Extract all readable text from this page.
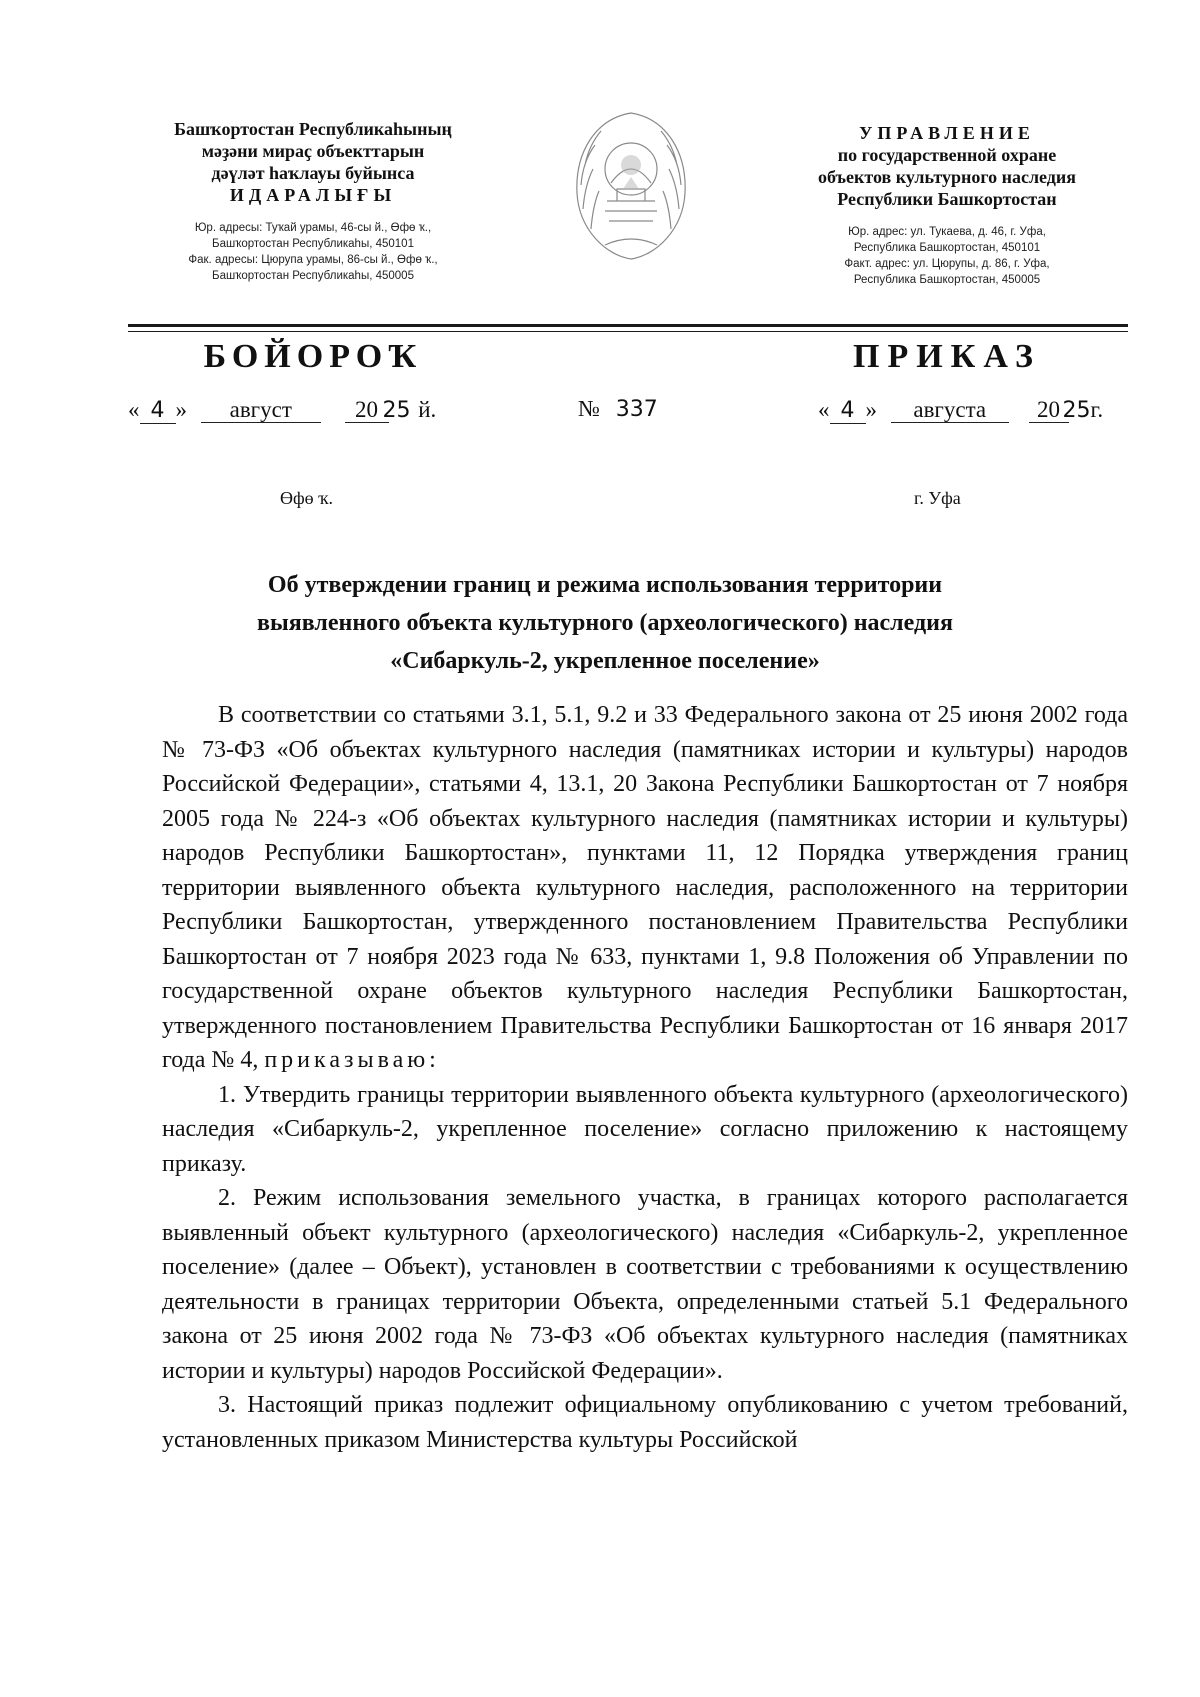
Башҡортостан Республикаһының
мәҙәни мираҫ объекттарын
дәүләт һаҡлауы буйынса
ИДАРАЛЫҒЫ
Юр. адресы: Туҡай урамы, 46-сы й., Өфө ҡ.,
Башҡортостан Республикаһы, 450101
Фак. адресы: Цюрупа урамы, 86-сы й., Өфө ҡ.,
Башҡортостан Республикаһы, 450005
УПРАВЛЕНИЕ
по государственной охране
объектов культурного наследия
Республики Башкортостан
Юр. адрес: ул. Тукаева, д. 46, г. Уфа,
Республика Башкортостан, 450101
Факт. адрес: ул. Цюрупы, д. 86, г. Уфа,
Республика Башкортостан, 450005
БОЙОРОҠ	ПРИКАЗ
« 4 » август	20 25 й.	№ 337	« 4 » августа 20 25г.
Өфө ҡ.	г. Уфа
Об утверждении границ и режима использования территории
выявленного объекта культурного (археологического) наследия
«Сибаркуль-2, укрепленное поселение»

В соответствии со статьями 3.1, 5.1, 9.2 и 33 Федерального закона от 25 июня 2002 года № 73-ФЗ «Об объектах культурного наследия (памятниках истории и культуры) народов Российской Федерации», статьями 4, 13.1, 20 Закона Республики Башкортостан от 7 ноября 2005 года № 224-з «Об объектах культурного наследия (памятниках истории и культуры) народов Республики Башкортостан», пунктами 11, 12 Порядка утверждения границ территории выявленного объекта культурного наследия, расположенного на территории Республики Башкортостан, утвержденного постановлением Правительства Республики Башкортостан от 7 ноября 2023 года № 633, пунктами 1, 9.8 Положения об Управлении по государственной охране объектов культурного наследия Республики Башкортостан, утвержденного постановлением Правительства Республики Башкортостан от 16 января 2017 года № 4, приказываю:

1. Утвердить границы территории выявленного объекта культурного (археологического) наследия «Сибаркуль-2, укрепленное поселение» согласно приложению к настоящему приказу.

2. Режим использования земельного участка, в границах которого располагается выявленный объект культурного (археологического) наследия «Сибаркуль-2, укрепленное поселение» (далее – Объект), установлен в соответствии с требованиями к осуществлению деятельности в границах территории Объекта, определенными статьей 5.1 Федерального закона от 25 июня 2002 года № 73-ФЗ «Об объектах культурного наследия (памятниках истории и культуры) народов Российской Федерации».

3. Настоящий приказ подлежит официальному опубликованию с учетом требований, установленных приказом Министерства культуры Российской
